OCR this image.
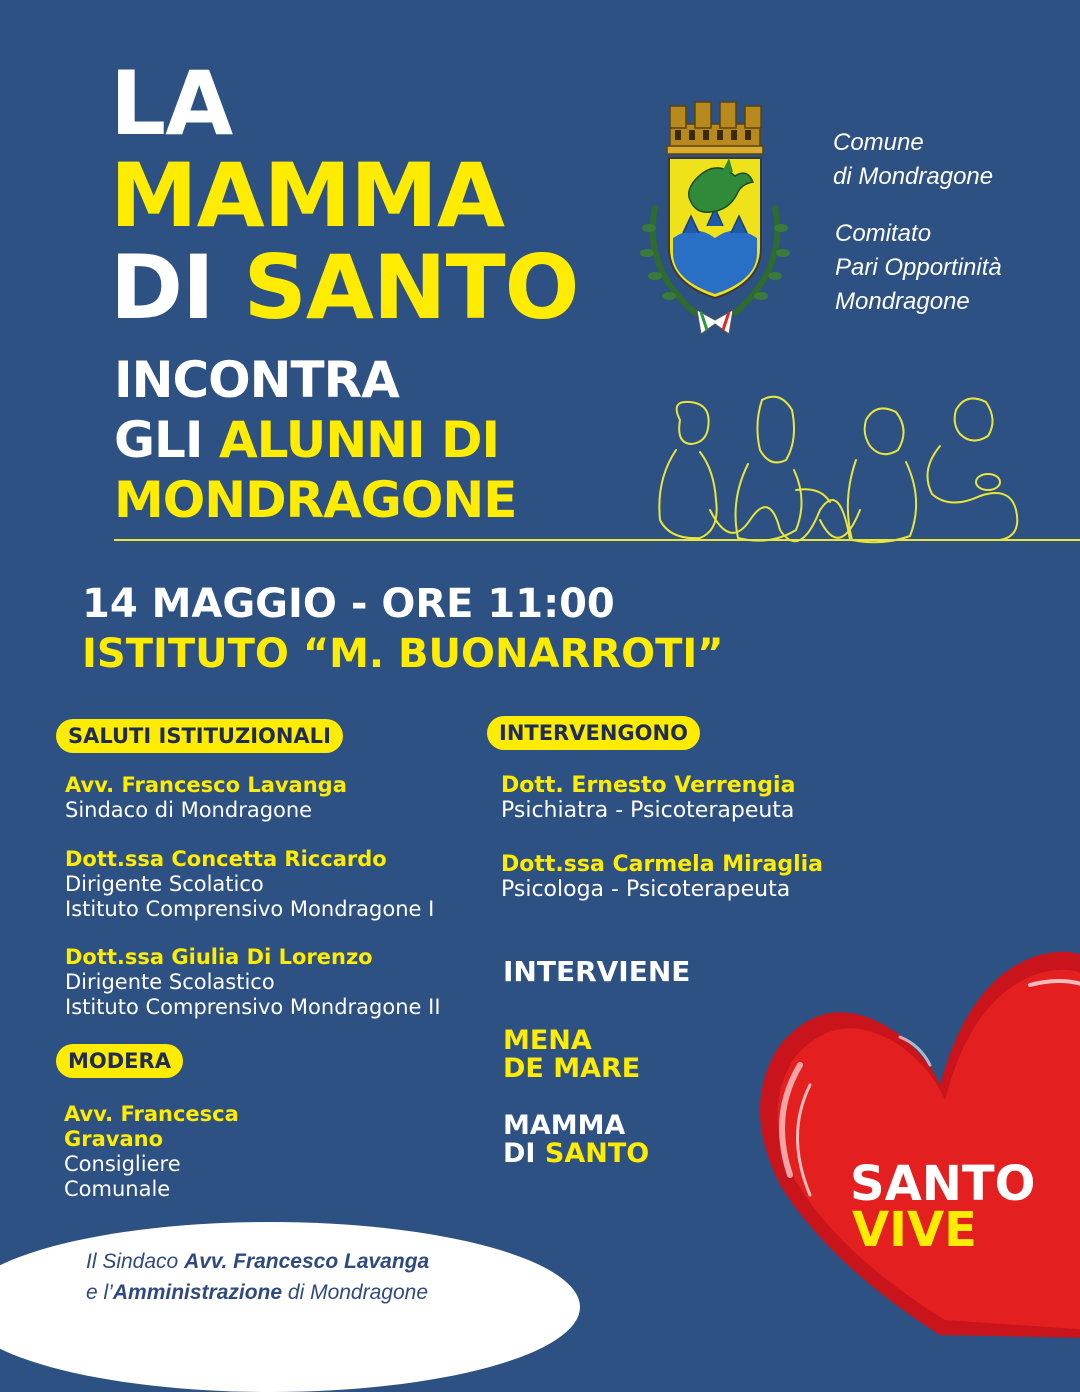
LA
MAMMA
DI SANTO
INCONTRA
GLI ALUNNI DI
MONDRAGONE
Comune
di Mondragone
Comitato
Pari Opportinità
Mondragone
14 MAGGIO - ORE 11:00
ISTITUTO “M. BUONARROTI”
SALUTI ISTITUZIONALI
Avv. Francesco Lavanga
Sindaco di Mondragone
Dott.ssa Concetta Riccardo
Dirigente Scolatico
Istituto Comprensivo Mondragone I
Dott.ssa Giulia Di Lorenzo
Dirigente Scolastico
Istituto Comprensivo Mondragone II
MODERA
Avv. Francesca
Gravano
Consigliere
Comunale
INTERVENGONO
Dott. Ernesto Verrengia
Psichiatra - Psicoterapeuta
Dott.ssa Carmela Miraglia
Psicologa - Psicoterapeuta
INTERVIENE
MENA
DE MARE
MAMMA
DI SANTO
SANTO
VIVE
Il Sindaco Avv. Francesco Lavanga
e l’Amministrazione di Mondragone
